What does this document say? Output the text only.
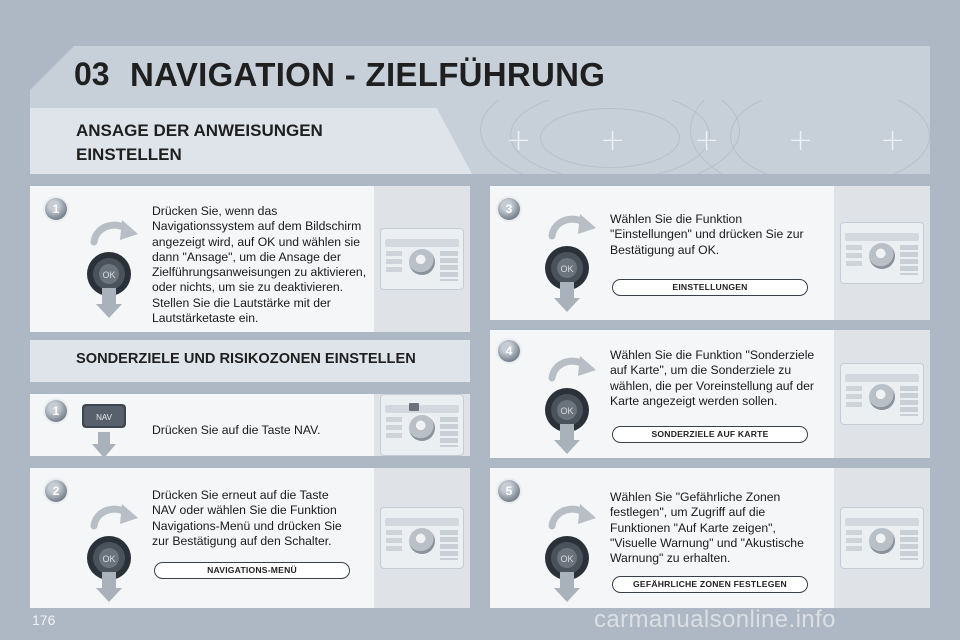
+ + + + +
03 NAVIGATION - ZIELFÜHRUNG
ANSAGE DER ANWEISUNGEN
EINSTELLEN
1
OK
Drücken Sie, wenn das
Navigationssystem auf dem Bildschirm
angezeigt wird, auf OK und wählen sie
dann "Ansage", um die Ansage der
Zielführungsanweisungen zu aktivieren,
oder nichts, um sie zu deaktivieren.
Stellen Sie die Lautstärke mit der
Lautstärketaste ein.
SONDERZIELE UND RISIKOZONEN EINSTELLEN
1	NAV
Drücken Sie auf die Taste NAV.
2
OK
Drücken Sie erneut auf die Taste
NAV oder wählen Sie die Funktion
Navigations-Menü und drücken Sie
zur Bestätigung auf den Schalter.
NAVIGATIONS-MENÜ
3
OK
Wählen Sie die Funktion
"Einstellungen" und drücken Sie zur
Bestätigung auf OK.
EINSTELLUNGEN
4
OK
Wählen Sie die Funktion "Sonderziele
auf Karte", um die Sonderziele zu
wählen, die per Voreinstellung auf der
Karte angezeigt werden sollen.
SONDERZIELE AUF KARTE
5
OK
Wählen Sie "Gefährliche Zonen
festlegen", um Zugriff auf die
Funktionen "Auf Karte zeigen",
"Visuelle Warnung" und "Akustische
Warnung" zu erhalten.
GEFÄHRLICHE ZONEN FESTLEGEN
176	carmanualsonline.info
